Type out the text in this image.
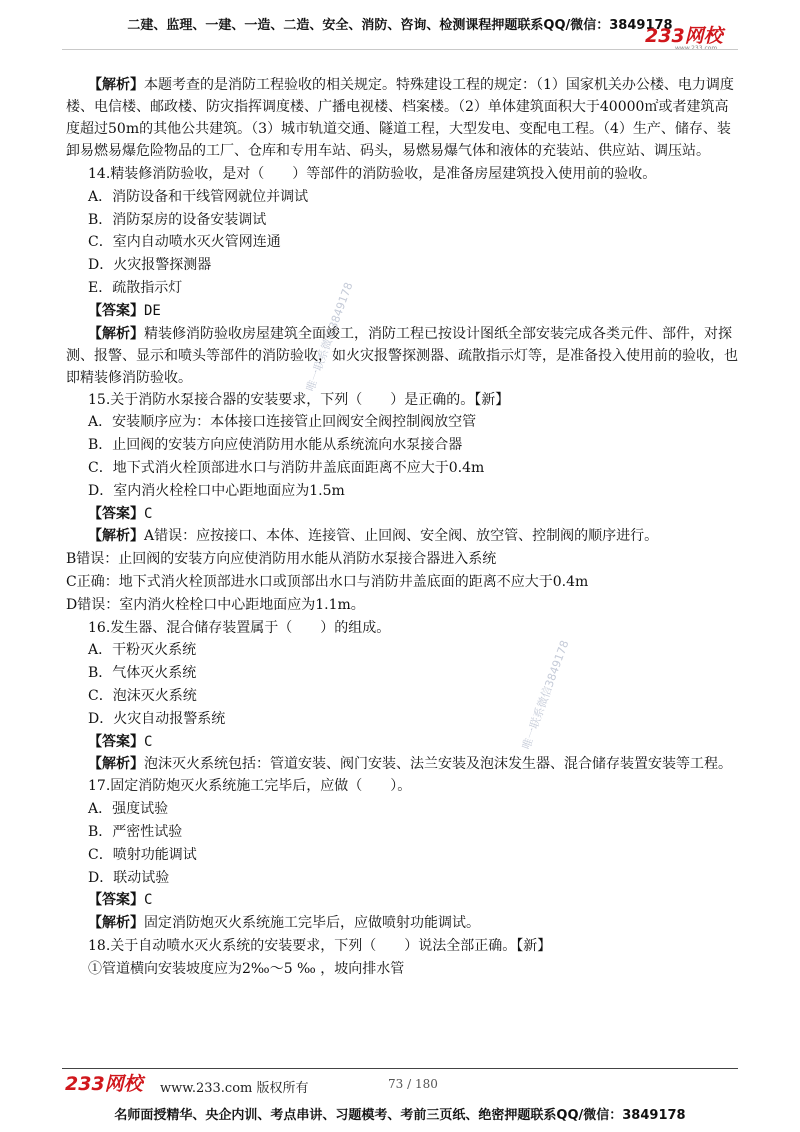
二建、监理、一建、一造、二造、安全、消防、咨询、检测课程押题联系QQ/微信：3849178
233网校
唯一联系微信3849178
唯一联系微信3849178

【解析】本题考查的是消防工程验收的相关规定。特殊建设工程的规定：（1）国家机关办公楼、电力调度楼、电信楼、邮政楼、防灾指挥调度楼、广播电视楼、档案楼。（2）单体建筑面积大于40000㎡或者建筑高度超过50m的其他公共建筑。（3）城市轨道交通、隧道工程，大型发电、变配电工程。（4）生产、储存、装卸易燃易爆危险物品的工厂、仓库和专用车站、码头，易燃易爆气体和液体的充装站、供应站、调压站。

14.精装修消防验收，是对（　　）等部件的消防验收，是准备房屋建筑投入使用前的验收。
A．消防设备和干线管网就位并调试
B．消防泵房的设备安装调试
C．室内自动喷水灭火管网连通
D．火灾报警探测器
E．疏散指示灯
【答案】DE

【解析】精装修消防验收房屋建筑全面竣工，消防工程已按设计图纸全部安装完成各类元件、部件，对探测、报警、显示和喷头等部件的消防验收，如火灾报警探测器、疏散指示灯等，是准备投入使用前的验收，也即精装修消防验收。

15.关于消防水泵接合器的安装要求，下列（　　）是正确的。【新】
A．安装顺序应为：本体接口连接管止回阀安全阀控制阀放空管
B．止回阀的安装方向应使消防用水能从系统流向水泵接合器
C．地下式消火栓顶部进水口与消防井盖底面距离不应大于0.4m
D．室内消火栓栓口中心距地面应为1.5m
【答案】C
【解析】A错误：应按接口、本体、连接管、止回阀、安全阀、放空管、控制阀的顺序进行。
B错误：止回阀的安装方向应使消防用水能从消防水泵接合器进入系统
C正确：地下式消火栓顶部进水口或顶部出水口与消防井盖底面的距离不应大于0.4m
D错误：室内消火栓栓口中心距地面应为1.1m。
16.发生器、混合储存装置属于（　　）的组成。
A．干粉灭火系统
B．气体灭火系统
C．泡沫灭火系统
D．火灾自动报警系统
【答案】C

【解析】泡沫灭火系统包括：管道安装、阀门安装、法兰安装及泡沫发生器、混合储存装置安装等工程。

17.固定消防炮灭火系统施工完毕后，应做（　　）。
A．强度试验
B．严密性试验
C．喷射功能调试
D．联动试验
【答案】C
【解析】固定消防炮灭火系统施工完毕后，应做喷射功能调试。
18.关于自动喷水灭火系统的安装要求，下列（　　）说法全部正确。【新】
①管道横向安装坡度应为2‰～5 ‰ ，坡向排水管
233网校 www.233.com 版权所有	73 / 180
名师面授精华、央企内训、考点串讲、习题模考、考前三页纸、绝密押题联系QQ/微信：3849178
